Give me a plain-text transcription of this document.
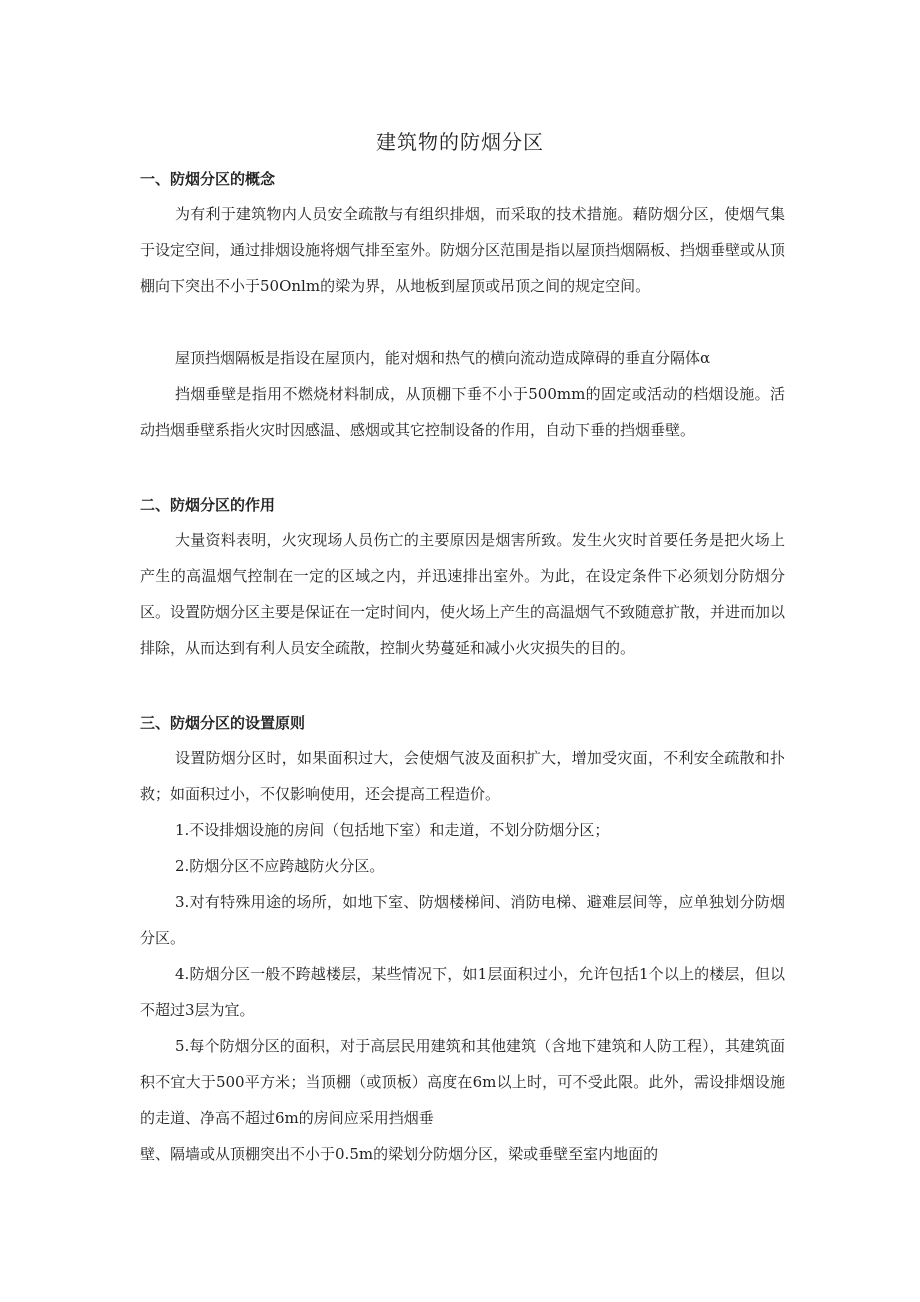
建筑物的防烟分区
一、防烟分区的概念

为有利于建筑物内人员安全疏散与有组织排烟，而采取的技术措施。藉防烟分区，使烟气集于设定空间，通过排烟设施将烟气排至室外。防烟分区范围是指以屋顶挡烟隔板、挡烟垂壁或从顶棚向下突出不小于50Onlm的梁为界，从地板到屋顶或吊顶之间的规定空间。

屋顶挡烟隔板是指设在屋顶内，能对烟和热气的横向流动造成障碍的垂直分隔体α

挡烟垂壁是指用不燃烧材料制成，从顶棚下垂不小于500mm的固定或活动的档烟设施。活动挡烟垂壁系指火灾时因感温、感烟或其它控制设备的作用，自动下垂的挡烟垂壁。

二、防烟分区的作用

大量资料表明，火灾现场人员伤亡的主要原因是烟害所致。发生火灾时首要任务是把火场上产生的高温烟气控制在一定的区域之内，并迅速排出室外。为此，在设定条件下必须划分防烟分区。设置防烟分区主要是保证在一定时间内，使火场上产生的高温烟气不致随意扩散，并进而加以排除，从而达到有利人员安全疏散，控制火势蔓延和减小火灾损失的目的。

三、防烟分区的设置原则

设置防烟分区时，如果面积过大，会使烟气波及面积扩大，增加受灾面，不利安全疏散和扑救；如面积过小，不仅影响使用，还会提高工程造价。

1.不设排烟设施的房间（包括地下室）和走道，不划分防烟分区；

2.防烟分区不应跨越防火分区。

3.对有特殊用途的场所，如地下室、防烟楼梯间、消防电梯、避难层间等，应单独划分防烟分区。

4.防烟分区一般不跨越楼层，某些情况下，如1层面积过小，允许包括1个以上的楼层，但以不超过3层为宜。

5.每个防烟分区的面积，对于高层民用建筑和其他建筑（含地下建筑和人防工程），其建筑面积不宜大于500平方米；当顶棚（或顶板）高度在6m以上时，可不受此限。此外，需设排烟设施的走道、净高不超过6m的房间应采用挡烟垂

壁、隔墙或从顶棚突出不小于0.5m的梁划分防烟分区，梁或垂壁至室内地面的
